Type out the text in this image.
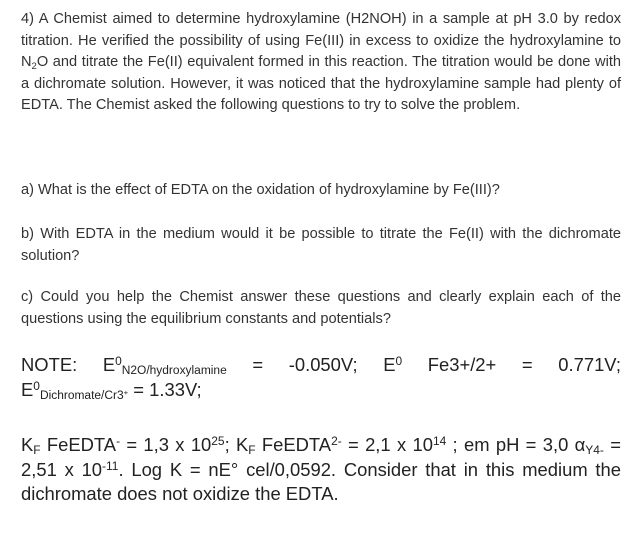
4) A Chemist aimed to determine hydroxylamine (H2NOH) in a sample at pH 3.0 by redox titration. He verified the possibility of using Fe(III) in excess to oxidize the hydroxylamine to $N_2O$ and titrate the Fe(II) equivalent formed in this reaction. The titration would be done with a dichromate solution. However, it was noticed that the hydroxylamine sample had plenty of EDTA. The Chemist asked the following questions to try to solve the problem.

a) What is the effect of EDTA on the oxidation of hydroxylamine by Fe(III)?

b) With EDTA in the medium would it be possible to titrate the Fe(II) with the dichromate solution?

c) Could you help the Chemist answer these questions and clearly explain each of the questions using the equilibrium constants and potentials?

NOTE: $E^0_{N2O/hydroxylamine} = -0.050V$; $E^0$ Fe3+/2+ = 0.771V;
$E^0_{Dichromate/Cr3^+} = 1.33V$;

$K_F$ FeEDTA- = 1,3 x $10^{25}$; $K_F$ FeEDTA$^{2-}$ = 2,1 x $10^{14}$ ; em pH = 3,0 $\alpha_{Y4-} = 2,51$ x $10^{-11}$. Log K = nE° cel/0,0592. Consider that in this medium the dichromate does not oxidize the EDTA.
